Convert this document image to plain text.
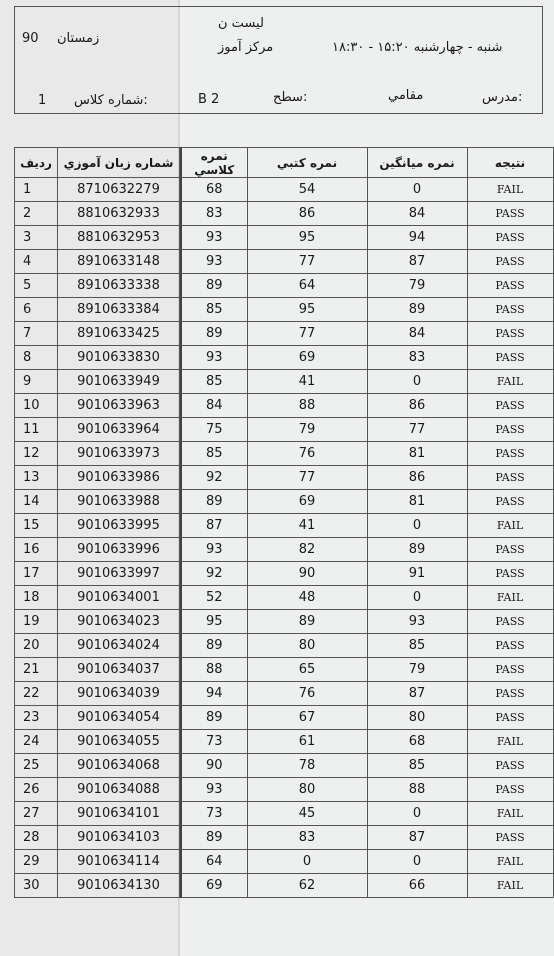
لیست ن
مرکز آموز
زمستان
90
شنبه - چهارشنبه ۱۵:۲۰ - ۱۸:۳۰
شماره کلاس:
1	سطح:
B 2	مدرس:
مقامي
رديف	شماره زبان آموزي		نمره كلاسي	نمره كتبي	نمره ميانگين	نتيجه
1	8710632279		68	54	0	FAIL
2	8810632933		83	86	84	PASS
3	8810632953		93	95	94	PASS
4	8910633148		93	77	87	PASS
5	8910633338		89	64	79	PASS
6	8910633384		85	95	89	PASS
7	8910633425		89	77	84	PASS
8	9010633830		93	69	83	PASS
9	9010633949		85	41	0	FAIL
10	9010633963		84	88	86	PASS
11	9010633964		75	79	77	PASS
12	9010633973		85	76	81	PASS
13	9010633986		92	77	86	PASS
14	9010633988		89	69	81	PASS
15	9010633995		87	41	0	FAIL
16	9010633996		93	82	89	PASS
17	9010633997		92	90	91	PASS
18	9010634001		52	48	0	FAIL
19	9010634023		95	89	93	PASS
20	9010634024		89	80	85	PASS
21	9010634037		88	65	79	PASS
22	9010634039		94	76	87	PASS
23	9010634054		89	67	80	PASS
24	9010634055		73	61	68	FAIL
25	9010634068		90	78	85	PASS
26	9010634088		93	80	88	PASS
27	9010634101		73	45	0	FAIL
28	9010634103		89	83	87	PASS
29	9010634114		64	0	0	FAIL
30	9010634130		69	62	66	FAIL
